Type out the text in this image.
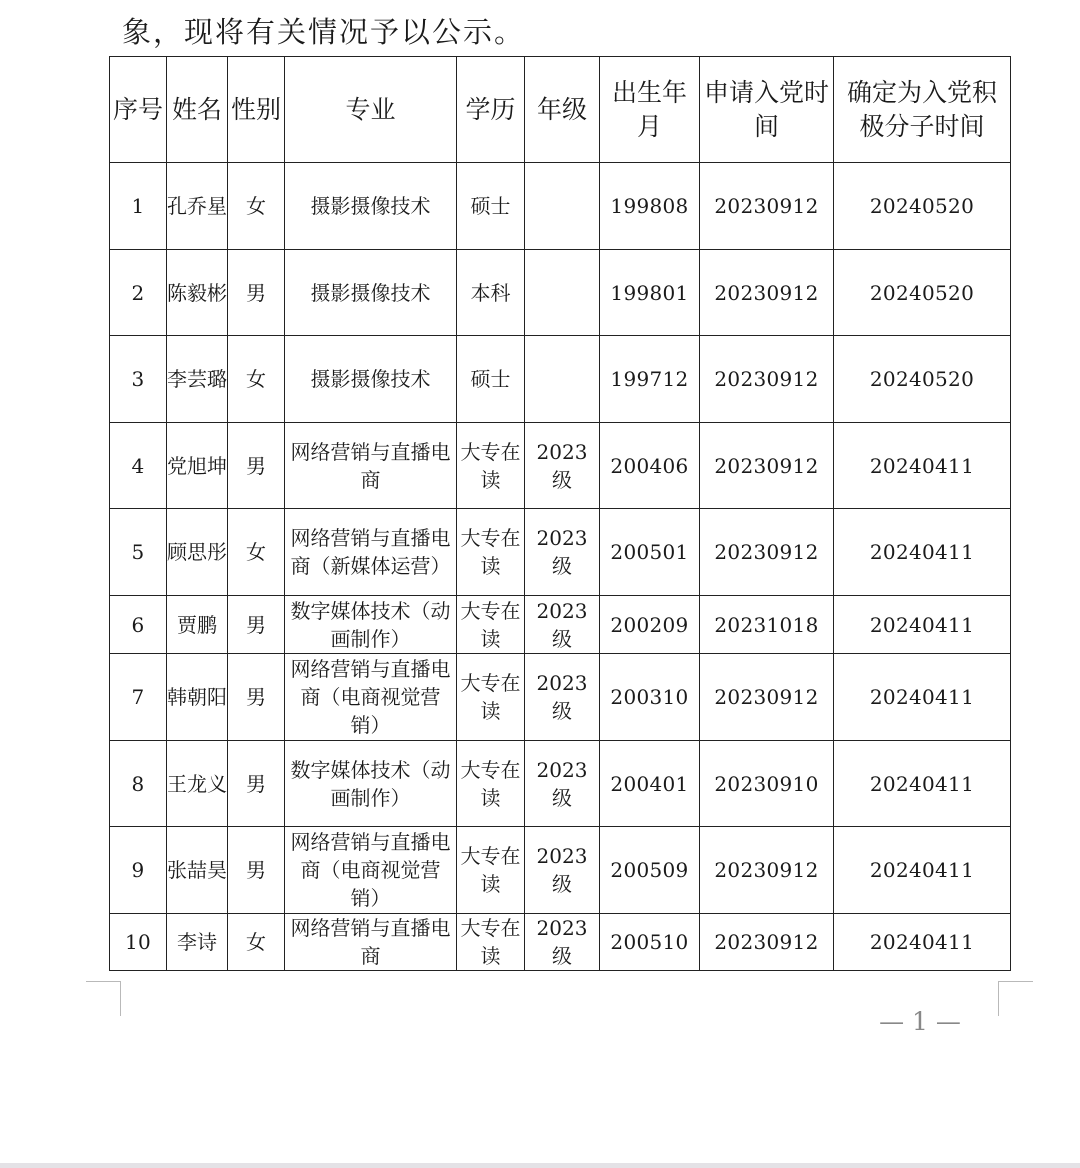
象，现将有关情况予以公示。
序号	姓名	性别	专业	学历	年级	出生年月	申请入党时间	确定为入党积极分子时间
1	孔乔星	女	摄影摄像技术	硕士		199808	20230912	20240520
2	陈毅彬	男	摄影摄像技术	本科		199801	20230912	20240520
3	李芸璐	女	摄影摄像技术	硕士		199712	20230912	20240520
4	党旭坤	男	网络营销与直播电商	大专在读	2023级	200406	20230912	20240411
5	顾思彤	女	网络营销与直播电商（新媒体运营）	大专在读	2023级	200501	20230912	20240411
6	贾鹏	男	数字媒体技术（动画制作）	大专在读	2023级	200209	20231018	20240411
7	韩朝阳	男	网络营销与直播电商（电商视觉营销）	大专在读	2023级	200310	20230912	20240411
8	王龙义	男	数字媒体技术（动画制作）	大专在读	2023级	200401	20230910	20240411
9	张喆昊	男	网络营销与直播电商（电商视觉营销）	大专在读	2023级	200509	20230912	20240411
10	李诗	女	网络营销与直播电商	大专在读	2023级	200510	20230912	20240411
— 1 —
